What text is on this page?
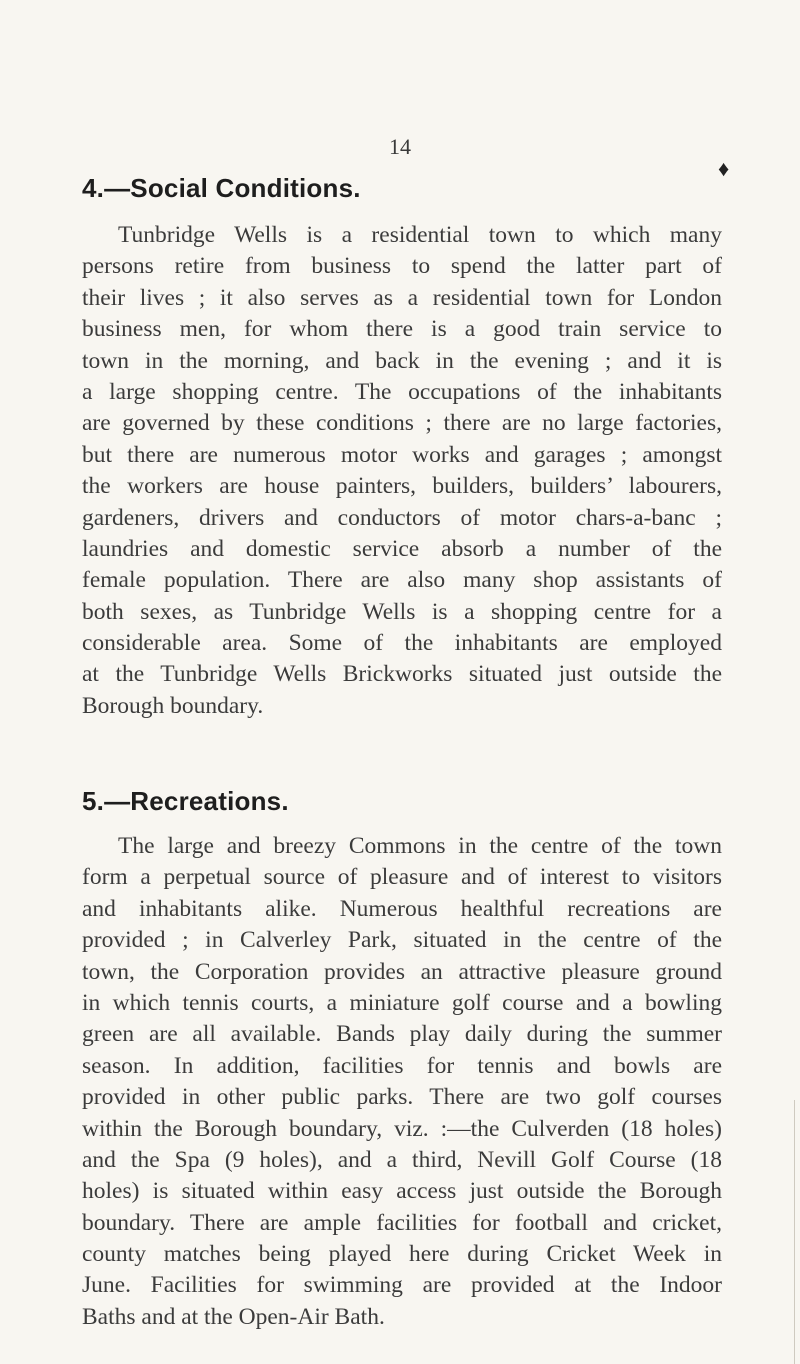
14
♦
4.—Social Conditions.
Tunbridge Wells is a residential town to which many
persons retire from business to spend the latter part of
their lives ; it also serves as a residential town for London
business men, for whom there is a good train service to
town in the morning, and back in the evening ; and it is
a large shopping centre. The occupations of the inhabitants
are governed by these conditions ; there are no large factories,
but there are numerous motor works and garages ; amongst
the workers are house painters, builders, builders’ labourers,
gardeners, drivers and conductors of motor chars-a-banc ;
laundries and domestic service absorb a number of the
female population. There are also many shop assistants of
both sexes, as Tunbridge Wells is a shopping centre for a
considerable area. Some of the inhabitants are employed
at the Tunbridge Wells Brickworks situated just outside the
Borough boundary.
5.—Recreations.
The large and breezy Commons in the centre of the town
form a perpetual source of pleasure and of interest to visitors
and inhabitants alike. Numerous healthful recreations are
provided ; in Calverley Park, situated in the centre of the
town, the Corporation provides an attractive pleasure ground
in which tennis courts, a miniature golf course and a bowling
green are all available. Bands play daily during the summer
season. In addition, facilities for tennis and bowls are
provided in other public parks. There are two golf courses
within the Borough boundary, viz. :—the Culverden (18 holes)
and the Spa (9 holes), and a third, Nevill Golf Course (18
holes) is situated within easy access just outside the Borough
boundary. There are ample facilities for football and cricket,
county matches being played here during Cricket Week in
June. Facilities for swimming are provided at the Indoor
Baths and at the Open-Air Bath.
